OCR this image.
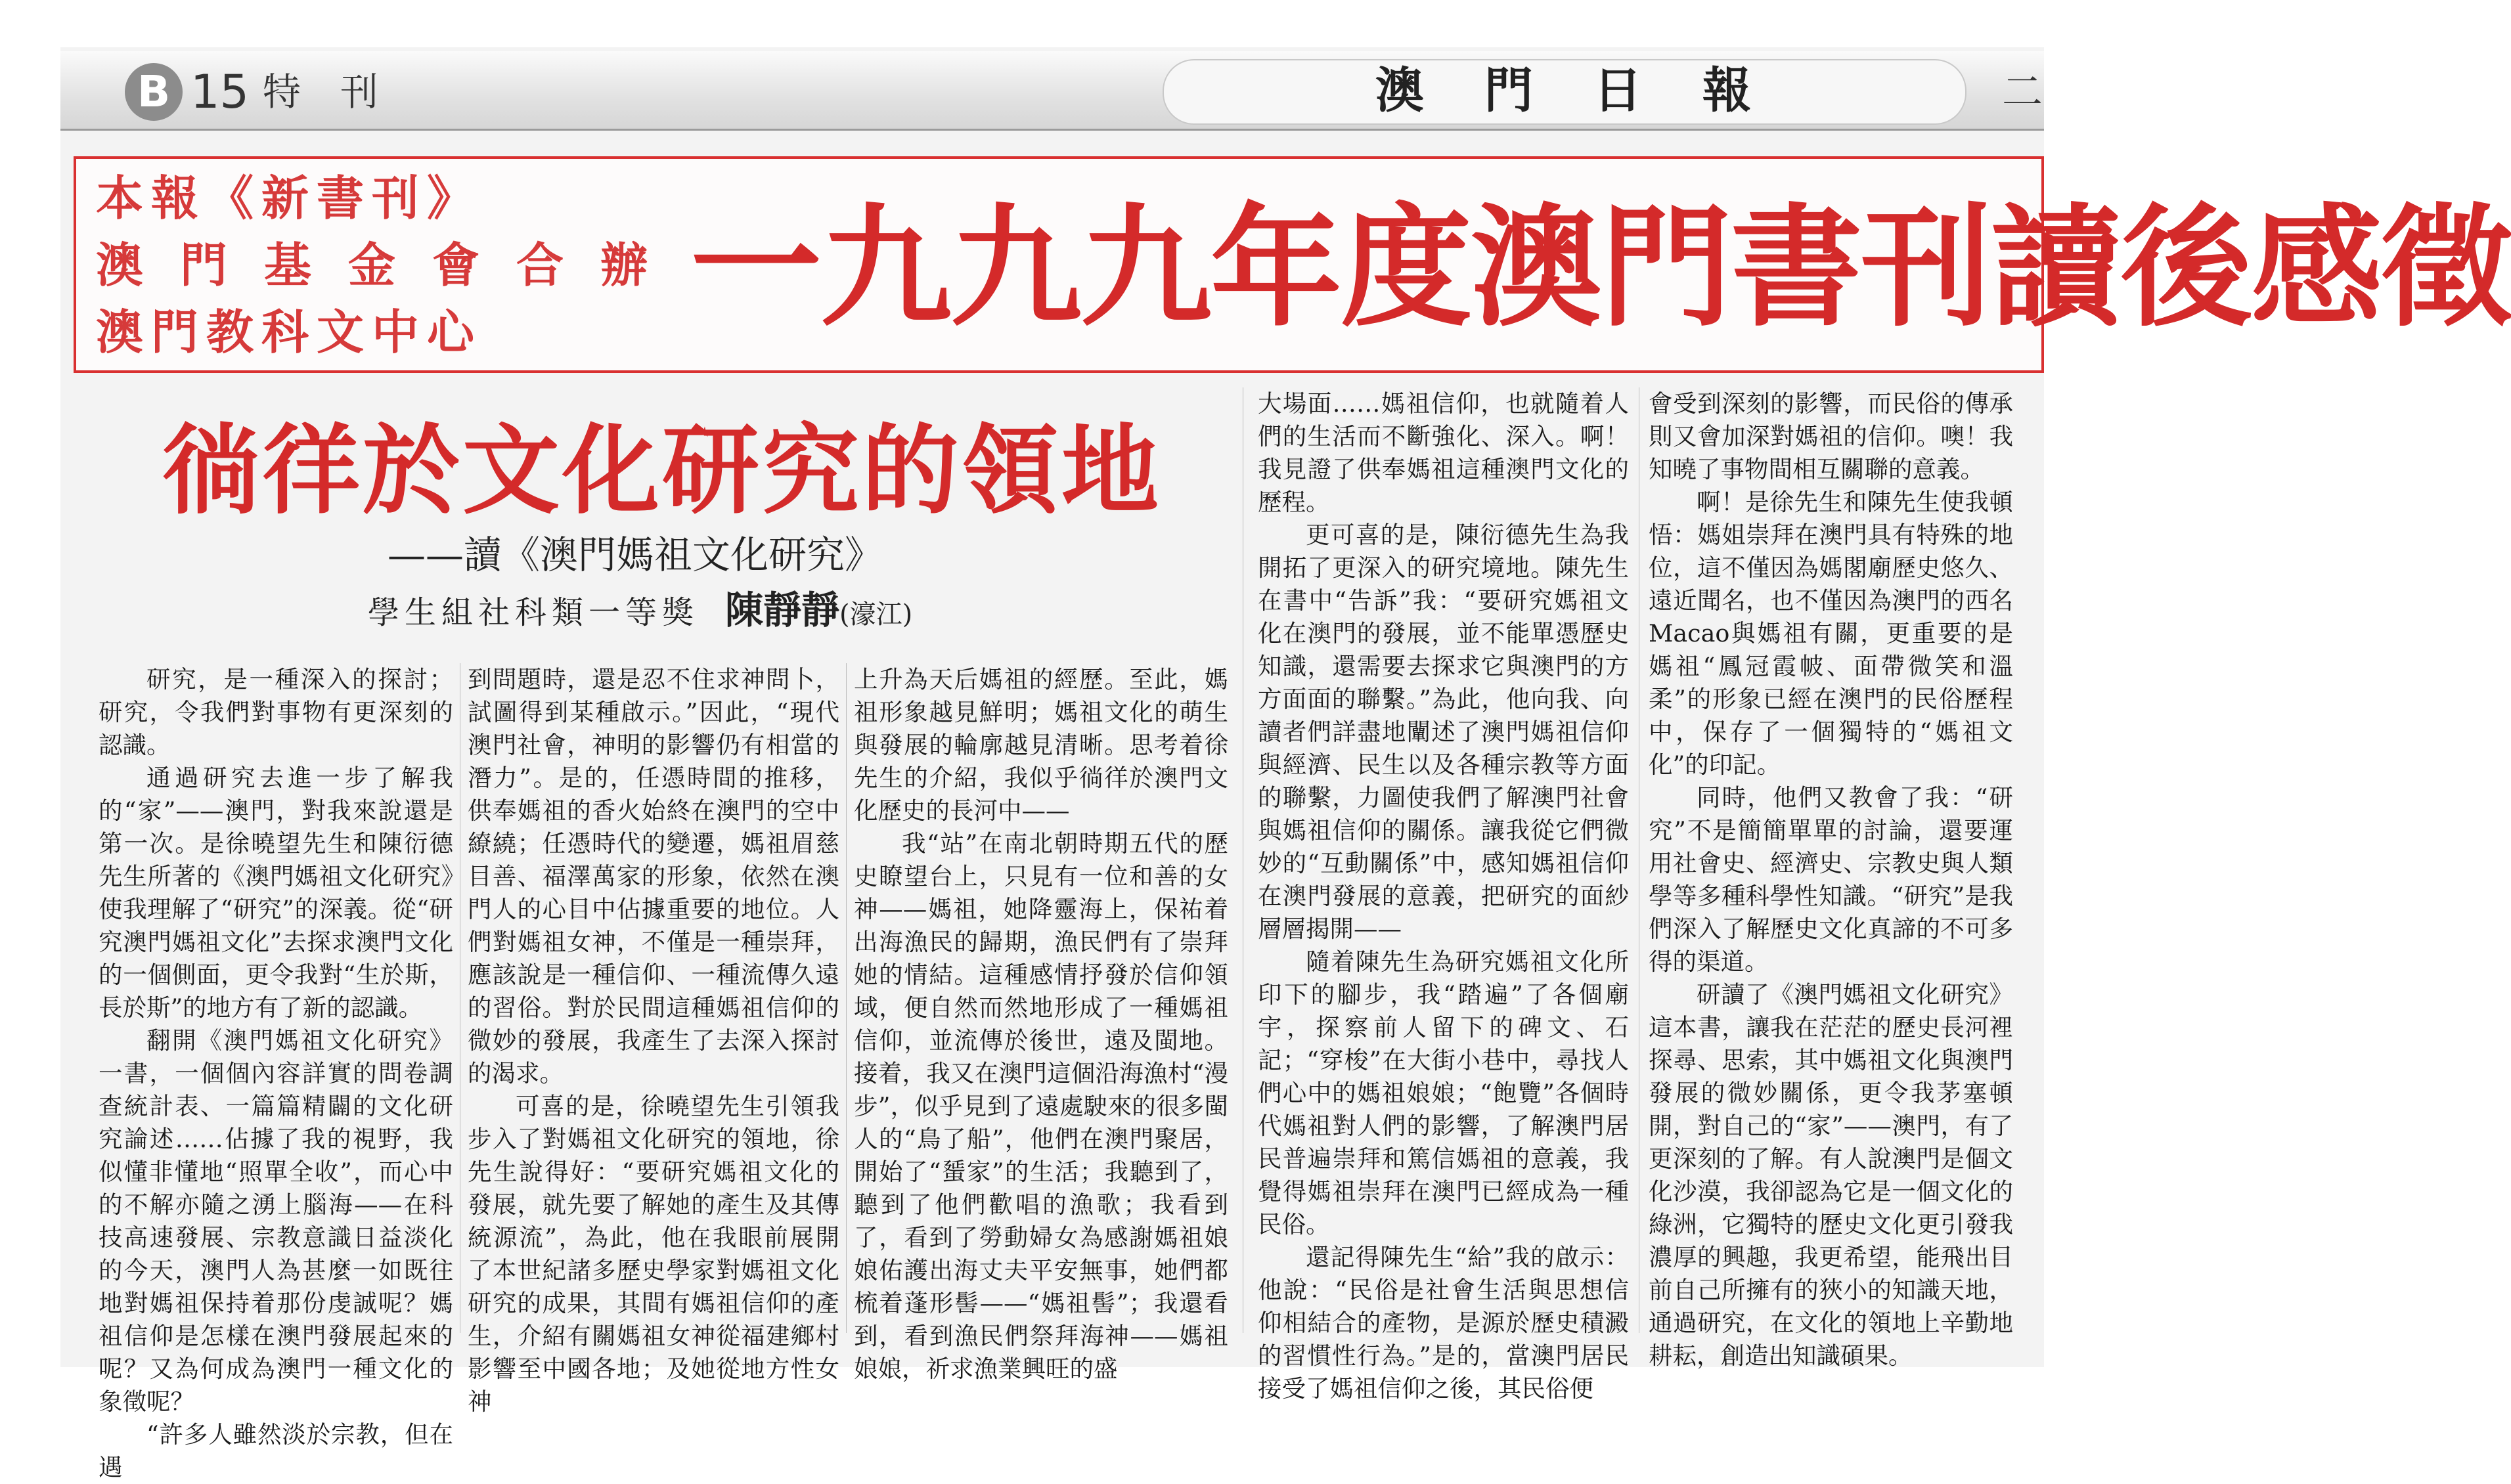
B 15 特刊	澳門日報	二
本報《新書刊》
澳門基金會合辦
澳門教科文中心 一九九九年度澳門書刊讀後感徵
徜徉於文化研究的領地
——讀《澳門媽祖文化研究》
學生組社科類一等獎 陳靜靜(濠江)

研究，是一種深入的探討；研究，令我們對事物有更深刻的認識。

通過研究去進一步了解我的“家”——澳門，對我來說還是第一次。是徐曉望先生和陳衍德先生所著的《澳門媽祖文化研究》使我理解了“研究”的深義。從“研究澳門媽祖文化”去探求澳門文化的一個側面，更令我對“生於斯，長於斯”的地方有了新的認識。

翻開《澳門媽祖文化研究》一書，一個個內容詳實的問卷調查統計表、一篇篇精闢的文化研究論述……佔據了我的視野，我似懂非懂地“照單全收”，而心中的不解亦隨之湧上腦海——在科技高速發展、宗教意識日益淡化的今天，澳門人為甚麼一如既往地對媽祖保持着那份虔誠呢？媽祖信仰是怎樣在澳門發展起來的呢？又為何成為澳門一種文化的象徵呢？

“許多人雖然淡於宗教，但在遇

到問題時，還是忍不住求神問卜，試圖得到某種啟示。”因此，“現代澳門社會，神明的影響仍有相當的潛力”。是的，任憑時間的推移，供奉媽祖的香火始終在澳門的空中繚繞；任憑時代的變遷，媽祖眉慈目善、福澤萬家的形象，依然在澳門人的心目中佔據重要的地位。人們對媽祖女神，不僅是一種崇拜，應該說是一種信仰、一種流傳久遠的習俗。對於民間這種媽祖信仰的微妙的發展，我產生了去深入探討的渴求。

可喜的是，徐曉望先生引領我步入了對媽祖文化研究的領地，徐先生說得好：“要研究媽祖文化的發展，就先要了解她的產生及其傳統源流”，為此，他在我眼前展開了本世紀諸多歷史學家對媽祖文化研究的成果，其間有媽祖信仰的產生，介紹有關媽祖女神從福建鄉村影響至中國各地；及她從地方性女神

上升為天后媽祖的經歷。至此，媽祖形象越見鮮明；媽祖文化的萌生與發展的輪廓越見清晰。思考着徐先生的介紹，我似乎徜徉於澳門文化歷史的長河中——

我“站”在南北朝時期五代的歷史瞭望台上，只見有一位和善的女神——媽祖，她降靈海上，保祐着出海漁民的歸期，漁民們有了崇拜她的情結。這種感情抒發於信仰領域，便自然而然地形成了一種媽祖信仰，並流傳於後世，遠及閩地。接着，我又在澳門這個沿海漁村“漫步”，似乎見到了遠處駛來的很多閩人的“鳥了船”，他們在澳門聚居，開始了“蜑家”的生活；我聽到了，聽到了他們歡唱的漁歌；我看到了，看到了勞動婦女為感謝媽祖娘娘佑護出海丈夫平安無事，她們都梳着蓬形髻——“媽祖髻”；我還看到，看到漁民們祭拜海神——媽祖娘娘，祈求漁業興旺的盛

大場面……媽祖信仰，也就隨着人們的生活而不斷強化、深入。啊！我見證了供奉媽祖這種澳門文化的歷程。

更可喜的是，陳衍德先生為我開拓了更深入的研究境地。陳先生在書中“告訴”我：“要研究媽祖文化在澳門的發展，並不能單憑歷史知識，還需要去探求它與澳門的方方面面的聯繫。”為此，他向我、向讀者們詳盡地闡述了澳門媽祖信仰與經濟、民生以及各種宗教等方面的聯繫，力圖使我們了解澳門社會與媽祖信仰的關係。讓我從它們微妙的“互動關係”中，感知媽祖信仰在澳門發展的意義，把研究的面紗層層揭開——

隨着陳先生為研究媽祖文化所印下的腳步，我“踏遍”了各個廟宇，探察前人留下的碑文、石記；“穿梭”在大街小巷中，尋找人們心中的媽祖娘娘；“飽覽”各個時代媽祖對人們的影響，了解澳門居民普遍崇拜和篤信媽祖的意義，我覺得媽祖崇拜在澳門已經成為一種民俗。

還記得陳先生“給”我的啟示：他說：“民俗是社會生活與思想信仰相結合的產物，是源於歷史積澱的習慣性行為。”是的，當澳門居民接受了媽祖信仰之後，其民俗便

會受到深刻的影響，而民俗的傳承則又會加深對媽祖的信仰。噢！我知曉了事物間相互關聯的意義。

啊！是徐先生和陳先生使我頓悟：媽姐崇拜在澳門具有特殊的地位，這不僅因為媽閣廟歷史悠久、遠近聞名，也不僅因為澳門的西名Macao與媽祖有關，更重要的是媽祖“鳳冠霞帔、面帶微笑和溫柔”的形象已經在澳門的民俗歷程中，保存了一個獨特的“媽祖文化”的印記。

同時，他們又教會了我：“研究”不是簡簡單單的討論，還要運用社會史、經濟史、宗教史與人類學等多種科學性知識。“研究”是我們深入了解歷史文化真諦的不可多得的渠道。

研讀了《澳門媽祖文化研究》這本書，讓我在茫茫的歷史長河裡探尋、思索，其中媽祖文化與澳門發展的微妙關係，更令我茅塞頓開，對自己的“家”——澳門，有了更深刻的了解。有人說澳門是個文化沙漠，我卻認為它是一個文化的綠洲，它獨特的歷史文化更引發我濃厚的興趣，我更希望，能飛出目前自己所擁有的狹小的知識天地，通過研究，在文化的領地上辛勤地耕耘，創造出知識碩果。
